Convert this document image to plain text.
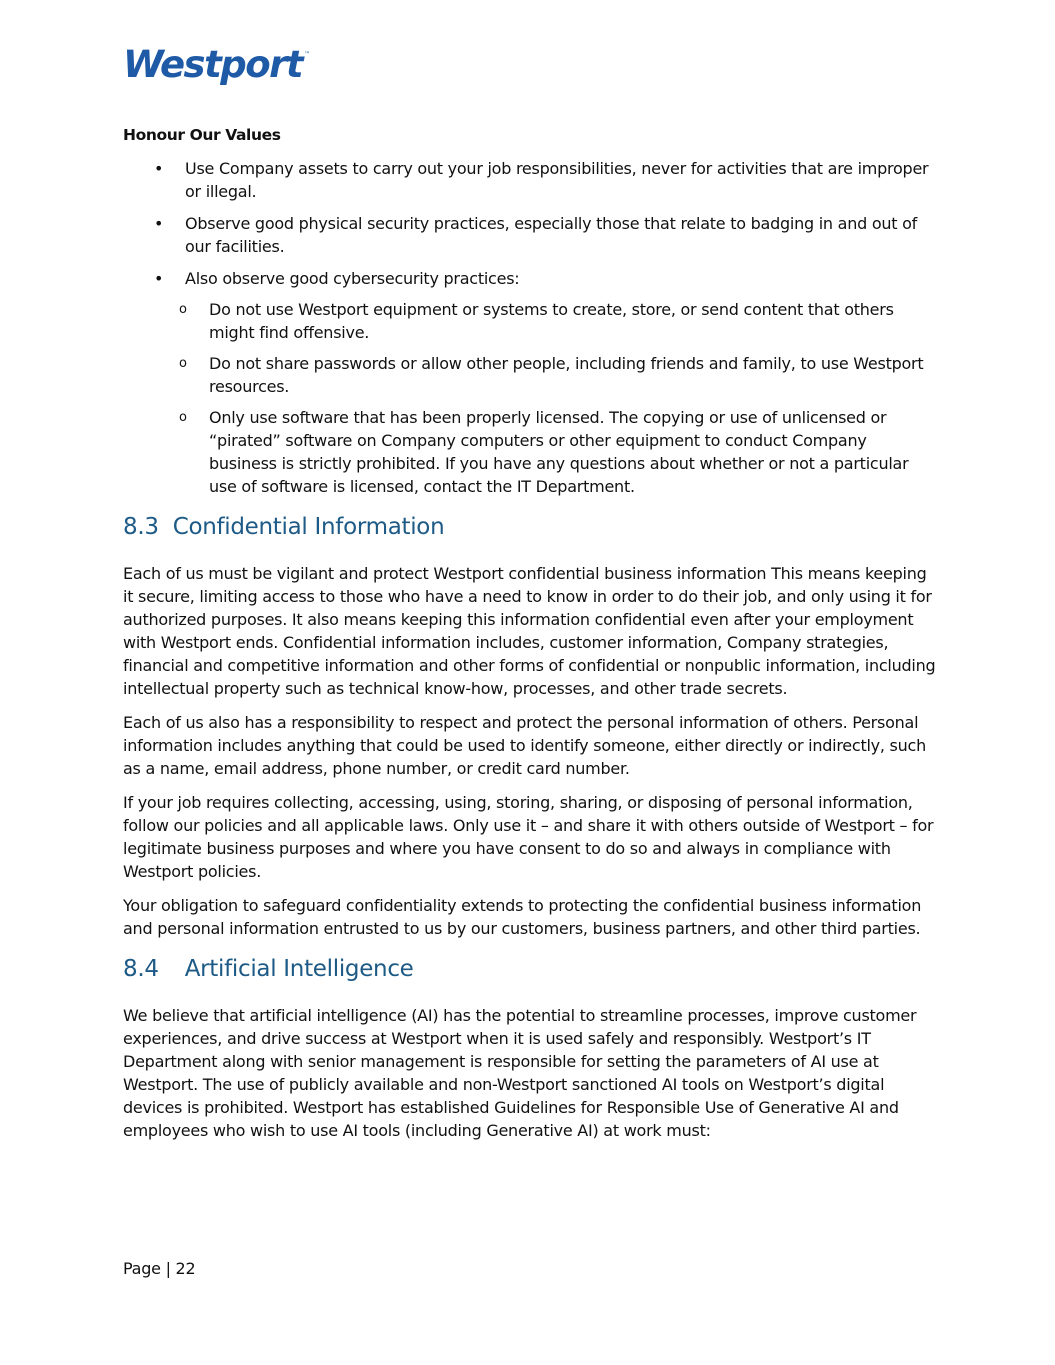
Westport ™
Honour Our Values
• Use Company assets to carry out your job responsibilities, never for activities that are improper or illegal.
• Observe good physical security practices, especially those that relate to badging in and out of our facilities.
• Also observe good cybersecurity practices:
o Do not use Westport equipment or systems to create, store, or send content that others might find offensive.
o Do not share passwords or allow other people, including friends and family, to use Westport resources.
o Only use software that has been properly licensed. The copying or use of unlicensed or “pirated” software on Company computers or other equipment to conduct Company business is strictly prohibited. If you have any questions about whether or not a particular use of software is licensed, contact the IT Department.
8.3 Confidential Information

Each of us must be vigilant and protect Westport confidential business information This means keeping it secure, limiting access to those who have a need to know in order to do their job, and only using it for authorized purposes. It also means keeping this information confidential even after your employment with Westport ends. Confidential information includes, customer information, Company strategies, financial and competitive information and other forms of confidential or nonpublic information, including intellectual property such as technical know-how, processes, and other trade secrets.

Each of us also has a responsibility to respect and protect the personal information of others. Personal information includes anything that could be used to identify someone, either directly or indirectly, such as a name, email address, phone number, or credit card number.

If your job requires collecting, accessing, using, storing, sharing, or disposing of personal information, follow our policies and all applicable laws. Only use it – and share it with others outside of Westport – for legitimate business purposes and where you have consent to do so and always in compliance with Westport policies.

Your obligation to safeguard confidentiality extends to protecting the confidential business information and personal information entrusted to us by our customers, business partners, and other third parties.

8.4 Artificial Intelligence

We believe that artificial intelligence (AI) has the potential to streamline processes, improve customer experiences, and drive success at Westport when it is used safely and responsibly. Westport’s IT Department along with senior management is responsible for setting the parameters of AI use at Westport. The use of publicly available and non-Westport sanctioned AI tools on Westport’s digital devices is prohibited. Westport has established Guidelines for Responsible Use of Generative AI and employees who wish to use AI tools (including Generative AI) at work must:

Page | 22
